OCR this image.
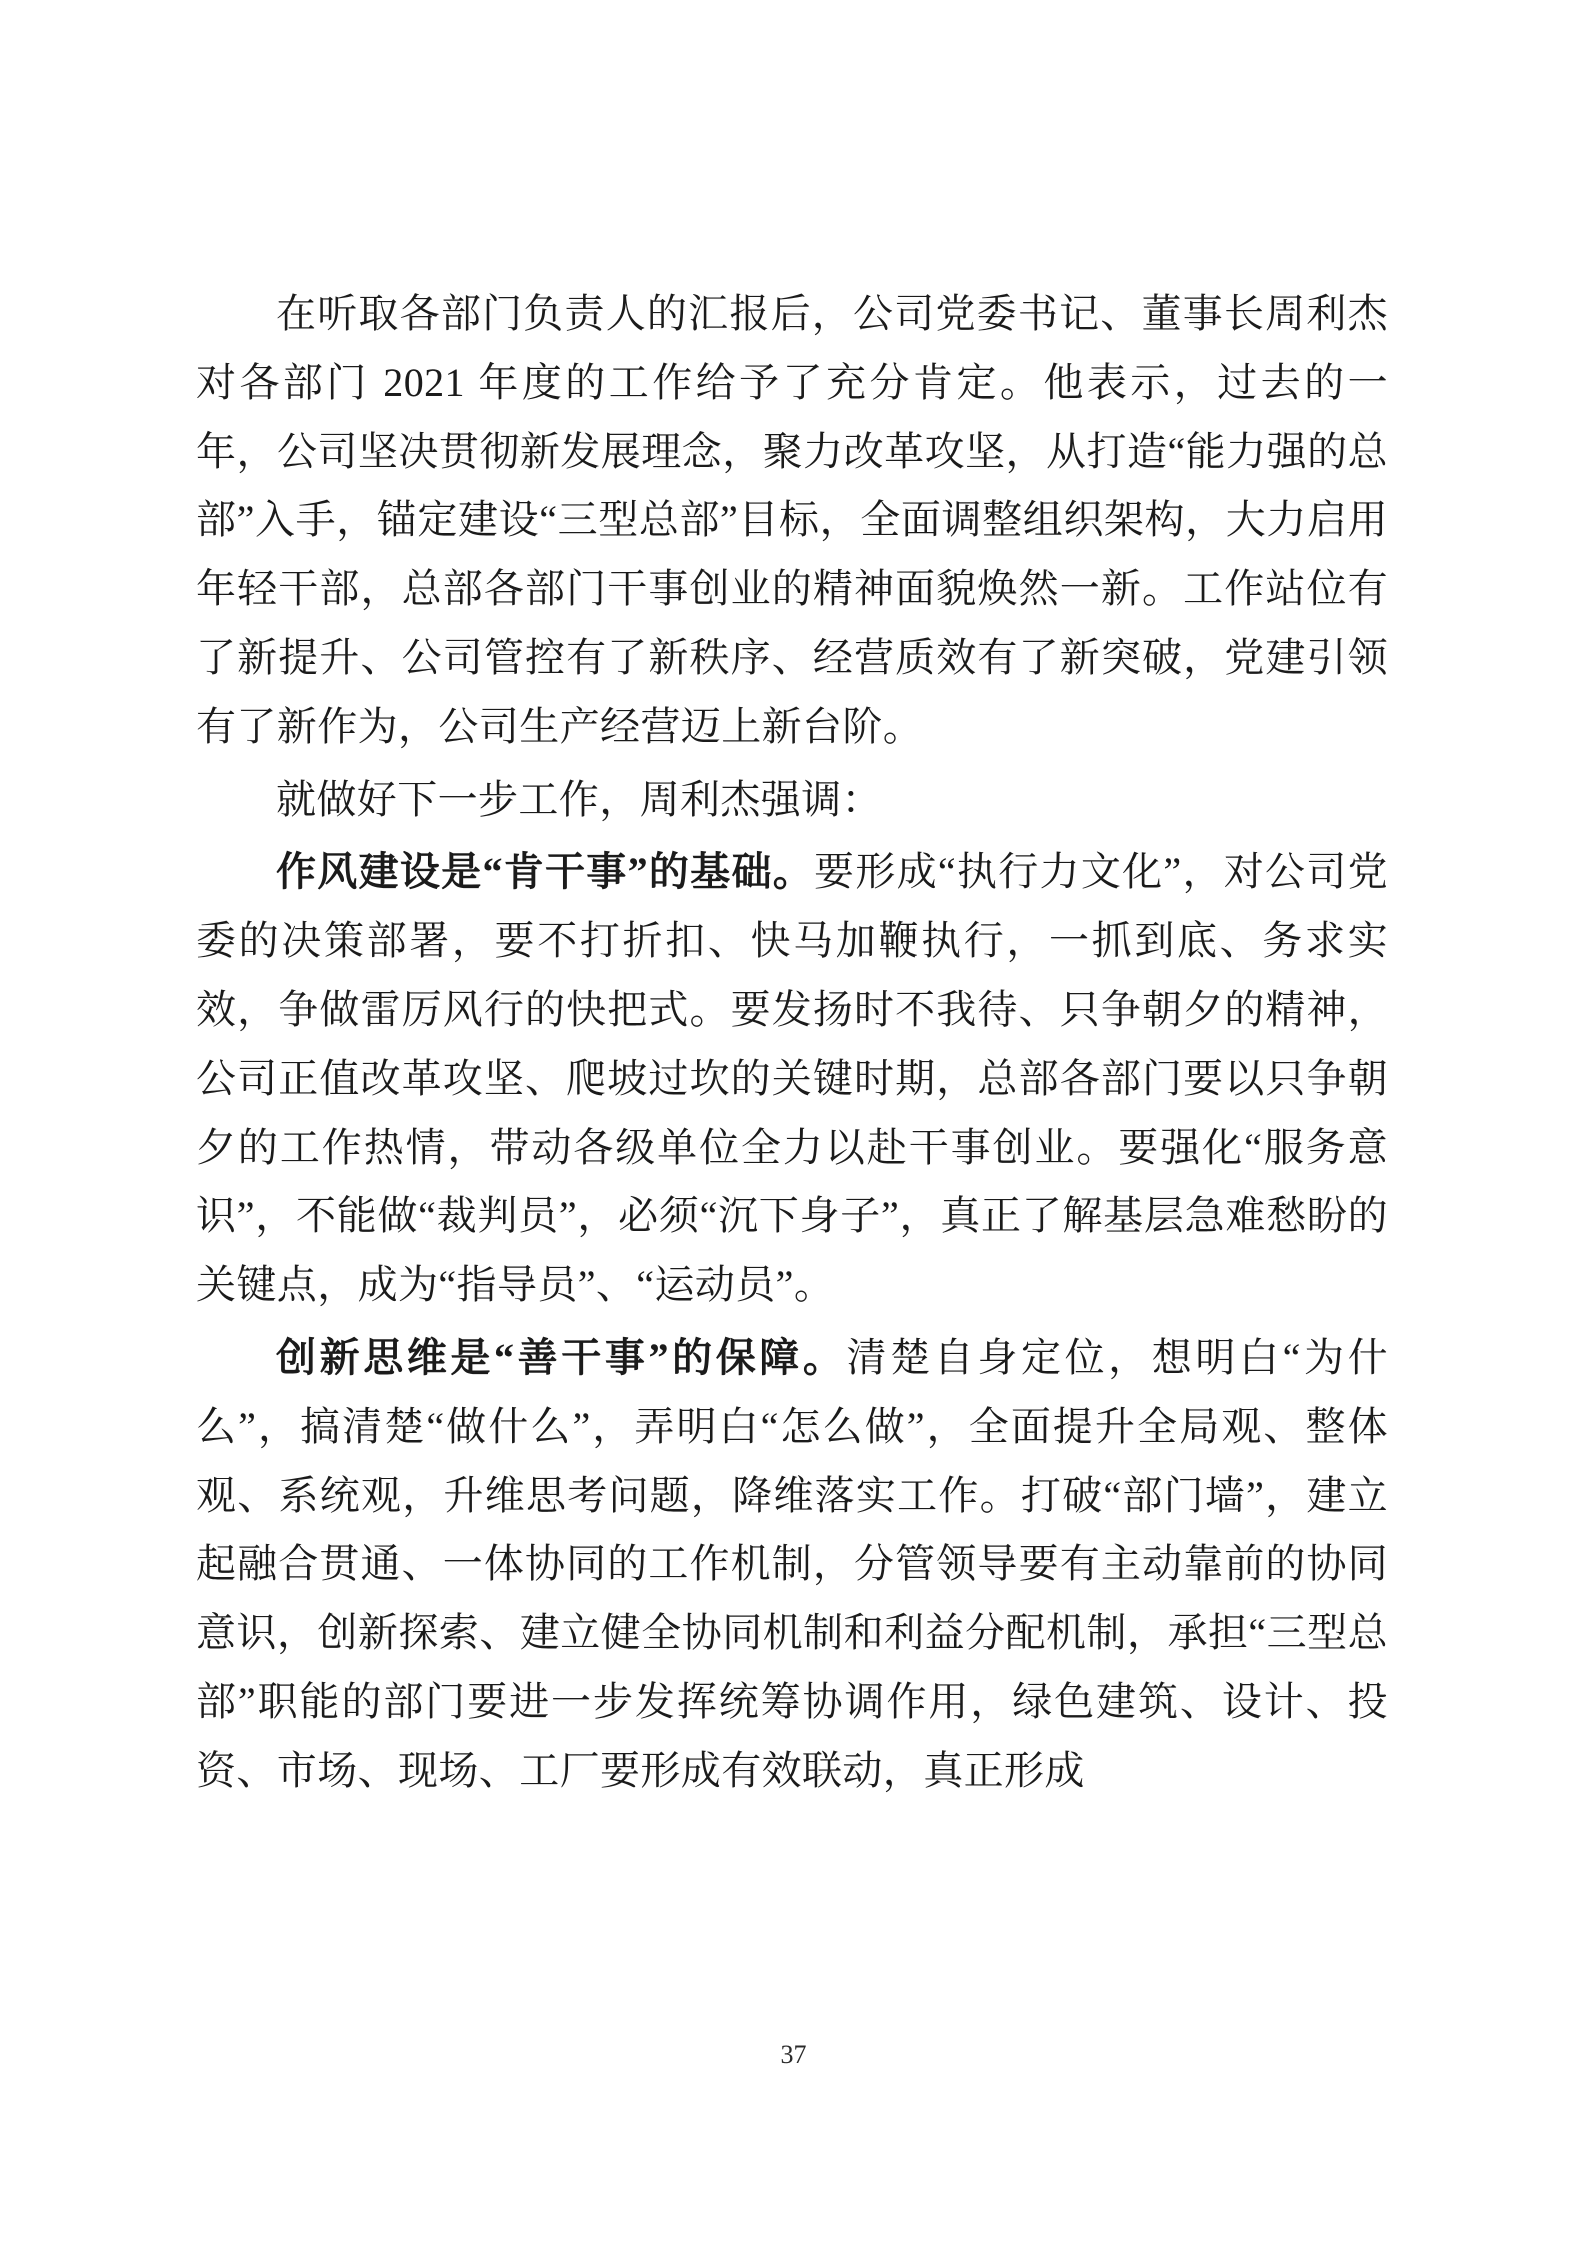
在听取各部门负责人的汇报后，公司党委书记、董事长周利杰对各部门 2021 年度的工作给予了充分肯定。他表示，过去的一年，公司坚决贯彻新发展理念，聚力改革攻坚，从打造“能力强的总部”入手，锚定建设“三型总部”目标，全面调整组织架构，大力启用年轻干部，总部各部门干事创业的精神面貌焕然一新。工作站位有了新提升、公司管控有了新秩序、经营质效有了新突破，党建引领有了新作为，公司生产经营迈上新台阶。

就做好下一步工作，周利杰强调：

作风建设是“肯干事”的基础。要形成“执行力文化”，对公司党委的决策部署，要不打折扣、快马加鞭执行，一抓到底、务求实效，争做雷厉风行的快把式。要发扬时不我待、只争朝夕的精神，公司正值改革攻坚、爬坡过坎的关键时期，总部各部门要以只争朝夕的工作热情，带动各级单位全力以赴干事创业。要强化“服务意识”，不能做“裁判员”，必须“沉下身子”，真正了解基层急难愁盼的关键点，成为“指导员”、“运动员”。

创新思维是“善干事”的保障。清楚自身定位，想明白“为什么”，搞清楚“做什么”，弄明白“怎么做”，全面提升全局观、整体观、系统观，升维思考问题，降维落实工作。打破“部门墙”，建立起融合贯通、一体协同的工作机制，分管领导要有主动靠前的协同意识，创新探索、建立健全协同机制和利益分配机制，承担“三型总部”职能的部门要进一步发挥统筹协调作用，绿色建筑、设计、投资、市场、现场、工厂要形成有效联动，真正形成

37
